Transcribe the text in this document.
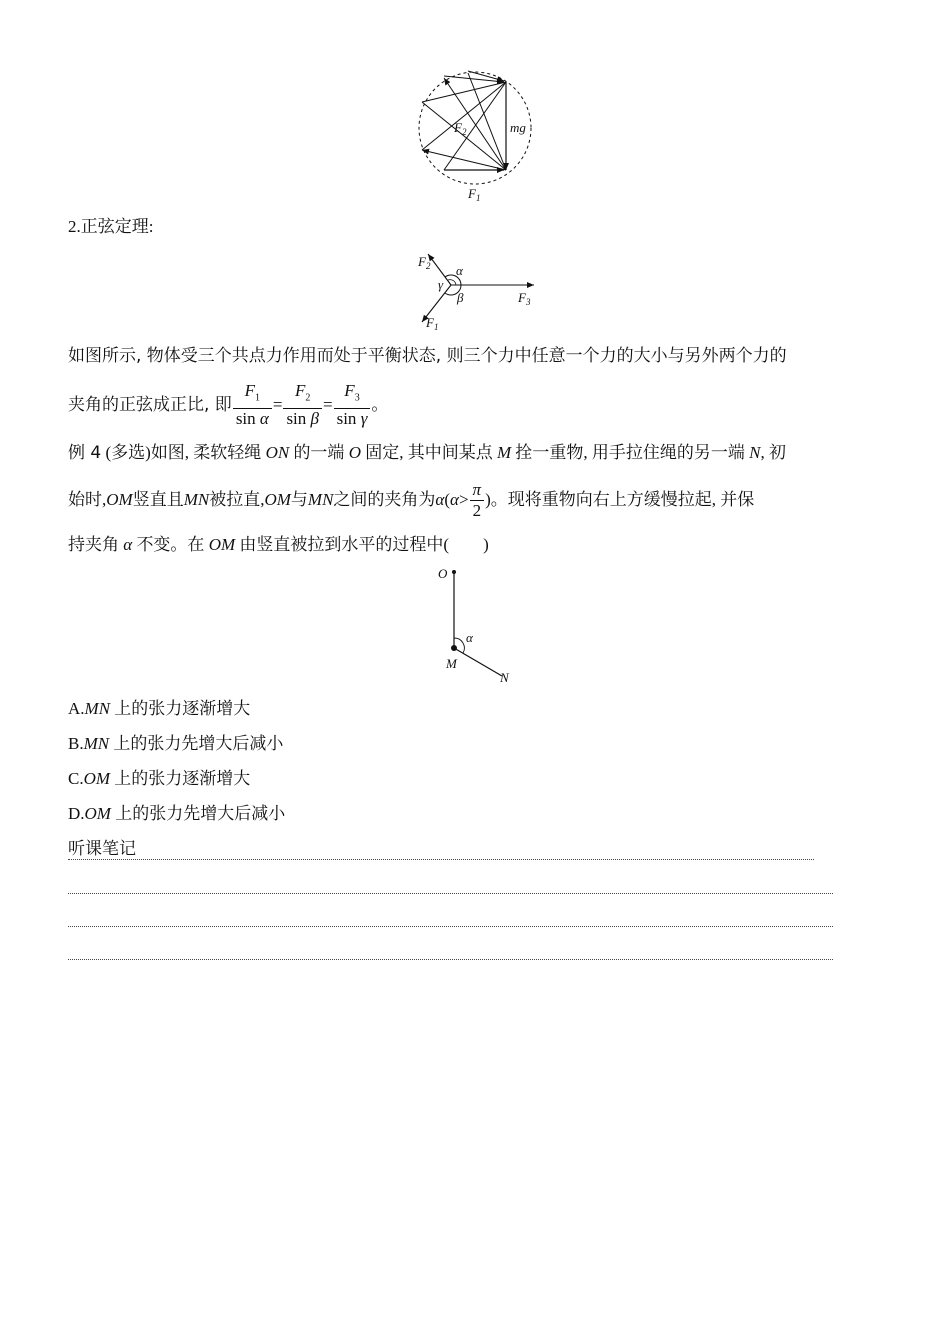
$F_2$	mg
$F_1$
2.正弦定理:
$F_2$ α
γ
β	$F_3$
$F_1$
如图所示, 物体受三个共点力作用而处于平衡状态, 则三个力中任意一个力的大小与另外两个力的
夹角的正弦成正比, 即 $\frac{F_1}{\text{sin α}} = \frac{F_2}{\text{sin β}} = \frac{F_3}{\text{sin γ}}$ 。
例 4 (多选)如图, 柔软轻绳 ON 的一端 O 固定, 其中间某点 M 拴一重物, 用手拉住绳的另一端 N, 初
始时, OM 竖直且 MN 被拉直, OM 与 MN 之间的夹角为 α ( $\alpha > \frac{\pi}{2}$ ) 。现将重物向右上方缓慢拉起, 并保
持夹角 α 不变。在 OM 由竖直被拉到水平的过程中( )
O
α
M
N
A.MN 上的张力逐渐增大
B.MN 上的张力先增大后减小
C.OM 上的张力逐渐增大
D.OM 上的张力先增大后减小
听课笔记
